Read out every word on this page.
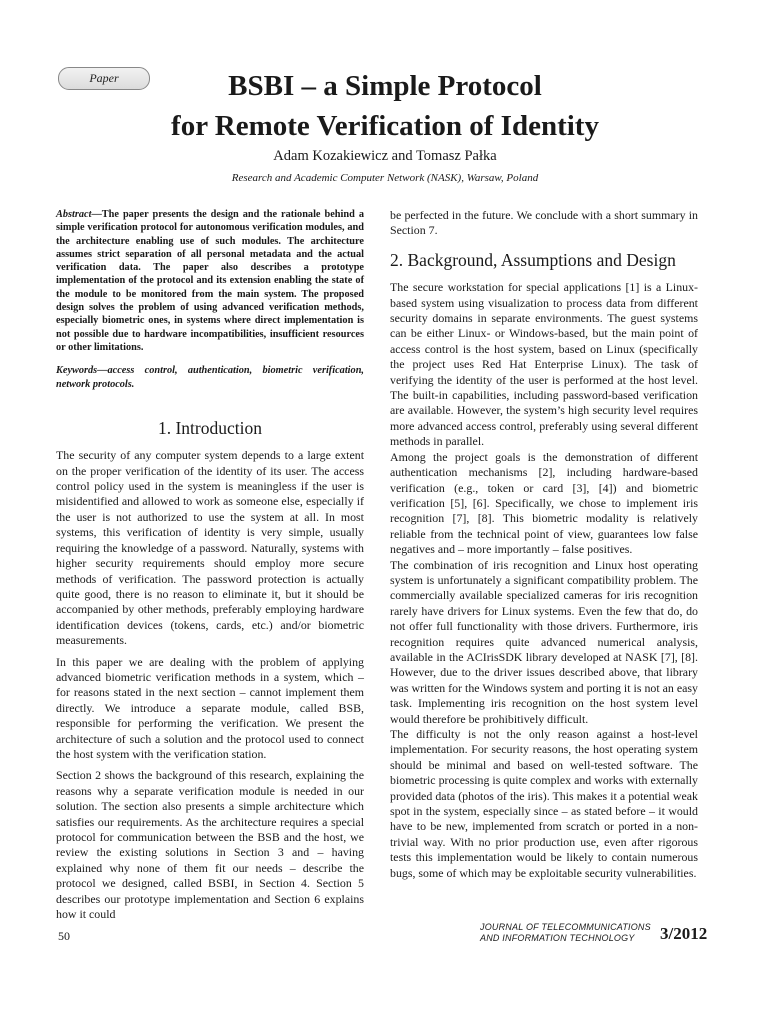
Paper	BSBI – a Simple Protocol
for Remote Verification of Identity
Adam Kozakiewicz and Tomasz Pałka
Research and Academic Computer Network (NASK), Warsaw, Poland

Abstract—The paper presents the design and the rationale behind a simple verification protocol for autonomous verification modules, and the architecture enabling use of such modules. The architecture assumes strict separation of all personal metadata and the actual verification data. The paper also describes a prototype implementation of the protocol and its extension enabling the state of the module to be monitored from the main system. The proposed design solves the problem of using advanced verification methods, especially biometric ones, in systems where direct implementation is not possible due to hardware incompatibilities, insufficient resources or other limitations.

Keywords—access control, authentication, biometric verification, network protocols.

1. Introduction

The security of any computer system depends to a large extent on the proper verification of the identity of its user. The access control policy used in the system is meaningless if the user is misidentified and allowed to work as someone else, especially if the user is not authorized to use the system at all. In most systems, this verification of identity is very simple, usually requiring the knowledge of a password. Naturally, systems with higher security requirements should employ more secure methods of verification. The password protection is actually quite good, there is no reason to eliminate it, but it should be accompanied by other methods, preferably employing hardware identification devices (tokens, cards, etc.) and/or biometric measurements.

In this paper we are dealing with the problem of applying advanced biometric verification methods in a system, which – for reasons stated in the next section – cannot implement them directly. We introduce a separate module, called BSB, responsible for performing the verification. We present the architecture of such a solution and the protocol used to connect the host system with the verification station.

Section 2 shows the background of this research, explaining the reasons why a separate verification module is needed in our solution. The section also presents a simple architecture which satisfies our requirements. As the architecture requires a special protocol for communication between the BSB and the host, we review the existing solutions in Section 3 and – having explained why none of them fit our needs – describe the protocol we designed, called BSBI, in Section 4. Section 5 describes our prototype implementation and Section 6 explains how it could

be perfected in the future. We conclude with a short summary in Section 7.

2. Background, Assumptions and Design

The secure workstation for special applications [1] is a Linux-based system using visualization to process data from different security domains in separate environments. The guest systems can be either Linux- or Windows-based, but the main point of access control is the host system, based on Linux (specifically the project uses Red Hat Enterprise Linux). The task of verifying the identity of the user is performed at the host level. The built-in capabilities, including password-based verification are available. However, the system’s high security level requires more advanced access control, preferably using several different methods in parallel.

Among the project goals is the demonstration of different authentication mechanisms [2], including hardware-based verification (e.g., token or card [3], [4]) and biometric verification [5], [6]. Specifically, we chose to implement iris recognition [7], [8]. This biometric modality is relatively reliable from the technical point of view, guarantees low false negatives and – more importantly – false positives.

The combination of iris recognition and Linux host operating system is unfortunately a significant compatibility problem. The commercially available specialized cameras for iris recognition rarely have drivers for Linux systems. Even the few that do, do not offer full functionality with those drivers. Furthermore, iris recognition requires quite advanced numerical analysis, available in the ACIrisSDK library developed at NASK [7], [8]. However, due to the driver issues described above, that library was written for the Windows system and porting it is not an easy task. Implementing iris recognition on the host system level would therefore be prohibitively difficult.

The difficulty is not the only reason against a host-level implementation. For security reasons, the host operating system should be minimal and based on well-tested software. The biometric processing is quite complex and works with externally provided data (photos of the iris). This makes it a potential weak spot in the system, especially since – as stated before – it would have to be new, implemented from scratch or ported in a non-trivial way. With no prior production use, even after rigorous tests this implementation would be likely to contain numerous bugs, some of which may be exploitable security vulnerabilities.

50
JOURNAL OF TELECOMMUNICATIONS
AND INFORMATION TECHNOLOGY	3/2012
